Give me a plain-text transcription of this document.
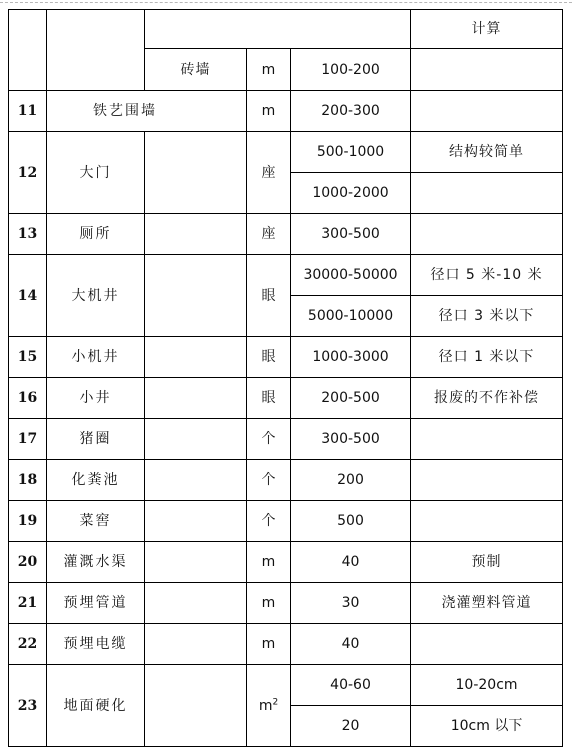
					计算
		砖墙	m	100-200	
11	铁艺围墙		m	200-300	
12	大门		座	500-1000	结构较简单
				1000-2000	
13	厕所		座	300-500	
14	大机井		眼	30000-50000	径口 5 米-10 米
				5000-10000	径口 3 米以下
15	小机井		眼	1000-3000	径口 1 米以下
16	小井		眼	200-500	报废的不作补偿
17	猪圈		个	300-500	
18	化粪池		个	200	
19	菜窖		个	500	
20	灌溉水渠		m	40	预制
21	预埋管道		m	30	浇灌塑料管道
22	预埋电缆		m	40	
23	地面硬化		$m^2$	40-60	10-20cm
				20	10cm 以下
